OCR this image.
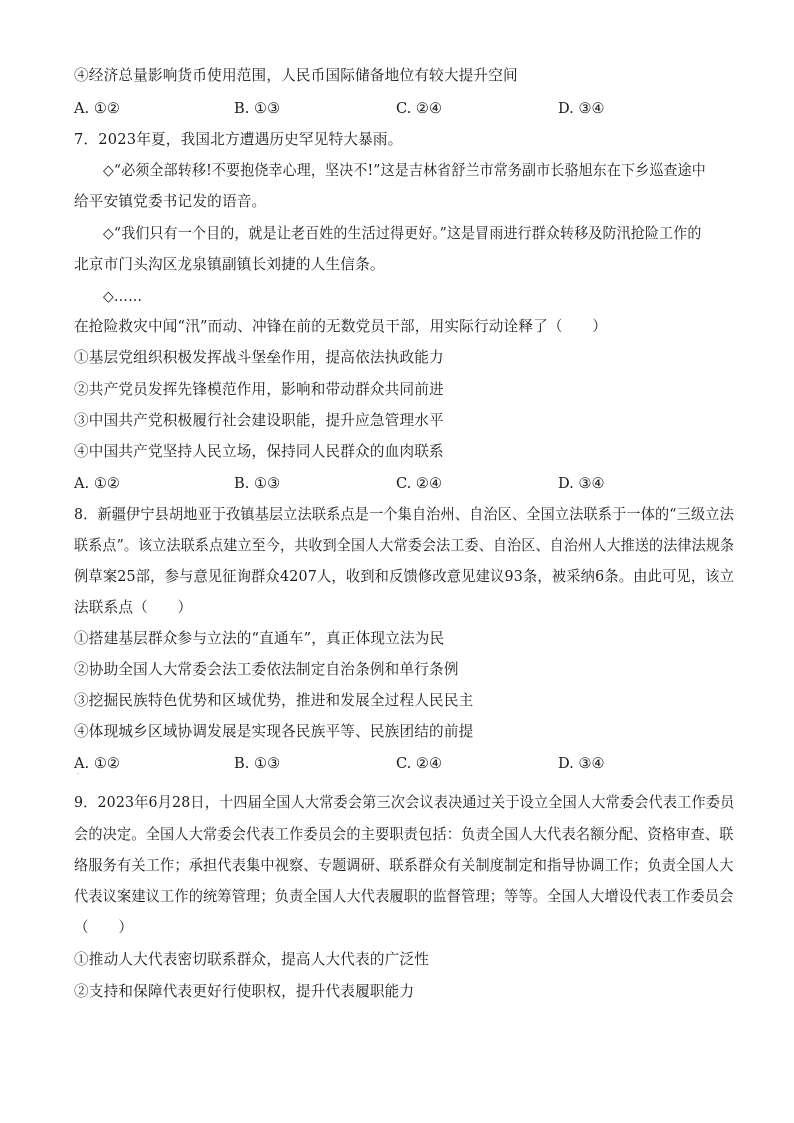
④经济总量影响货币使用范围，人民币国际储备地位有较大提升空间
A. ①②	B. ①③	C. ②④	D. ③④
7．2023年夏，我国北方遭遇历史罕见特大暴雨。
◇“必须全部转移!不要抱侥幸心理，坚决不!”这是吉林省舒兰市常务副市长骆旭东在下乡巡查途中
给平安镇党委书记发的语音。
◇“我们只有一个目的，就是让老百姓的生活过得更好。”这是冒雨进行群众转移及防汛抢险工作的
北京市门头沟区龙泉镇副镇长刘捷的人生信条。
◇……
在抢险救灾中闻“汛”而动、冲锋在前的无数党员干部，用实际行动诠释了（　　）
①基层党组织积极发挥战斗堡垒作用，提高依法执政能力
②共产党员发挥先锋模范作用，影响和带动群众共同前进
③中国共产党积极履行社会建设职能，提升应急管理水平
④中国共产党坚持人民立场，保持同人民群众的血肉联系
A. ①②	B. ①③	C. ②④	D. ③④
8．新疆伊宁县胡地亚于孜镇基层立法联系点是一个集自治州、自治区、全国立法联系于一体的“三级立法
联系点”。该立法联系点建立至今，共收到全国人大常委会法工委、自治区、自治州人大推送的法律法规条
例草案25部，参与意见征询群众4207人，收到和反馈修改意见建议93条，被采纳6条。由此可见，该立
法联系点（　　）
①搭建基层群众参与立法的“直通车”，真正体现立法为民
②协助全国人大常委会法工委依法制定自治条例和单行条例
③挖掘民族特色优势和区域优势，推进和发展全过程人民民主
④体现城乡区域协调发展是实现各民族平等、民族团结的前提
A. ①②	B. ①③	C. ②④	D. ③④
·
9．2023年6月28日，十四届全国人大常委会第三次会议表决通过关于设立全国人大常委会代表工作委员
会的决定。全国人大常委会代表工作委员会的主要职责包括：负责全国人大代表名额分配、资格审查、联
络服务有关工作；承担代表集中视察、专题调研、联系群众有关制度制定和指导协调工作；负责全国人大
代表议案建议工作的统筹管理；负责全国人大代表履职的监督管理；等等。全国人大增设代表工作委员会
（　　）
①推动人大代表密切联系群众，提高人大代表的广泛性
②支持和保障代表更好行使职权，提升代表履职能力
